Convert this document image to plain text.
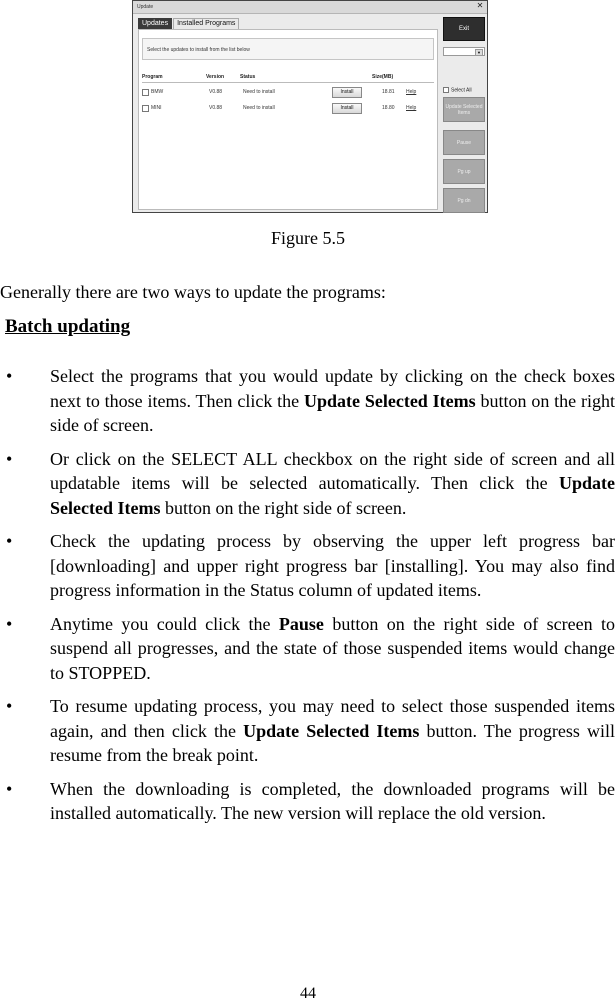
Update	✕
Updates Installed Programs
Select the updates to install from the list below
Program	Version	Status	Size(MB)
BMW	V0.88	Need to install	Install	18.81 Help
MINI	V0.88	Need to install	Install	18.80 Help
Exit
▼
Select All
Update Selected Items
Pause
Pg up
Pg dn
Figure 5.5
Generally there are two ways to update the programs:
Batch updating
• Select the programs that you would update by clicking on the check boxes next to those items. Then click the Update Selected Items button on the right side of screen.
• Or click on the SELECT ALL checkbox on the right side of screen and all updatable items will be selected automatically. Then click the Update Selected Items button on the right side of screen.
• Check the updating process by observing the upper left progress bar [downloading] and upper right progress bar [installing]. You may also find progress information in the Status column of updated items.
• Anytime you could click the Pause button on the right side of screen to suspend all progresses, and the state of those suspended items would change to STOPPED.
• To resume updating process, you may need to select those suspended items again, and then click the Update Selected Items button. The progress will resume from the break point.
• When the downloading is completed, the downloaded programs will be installed automatically. The new version will replace the old version.
44
